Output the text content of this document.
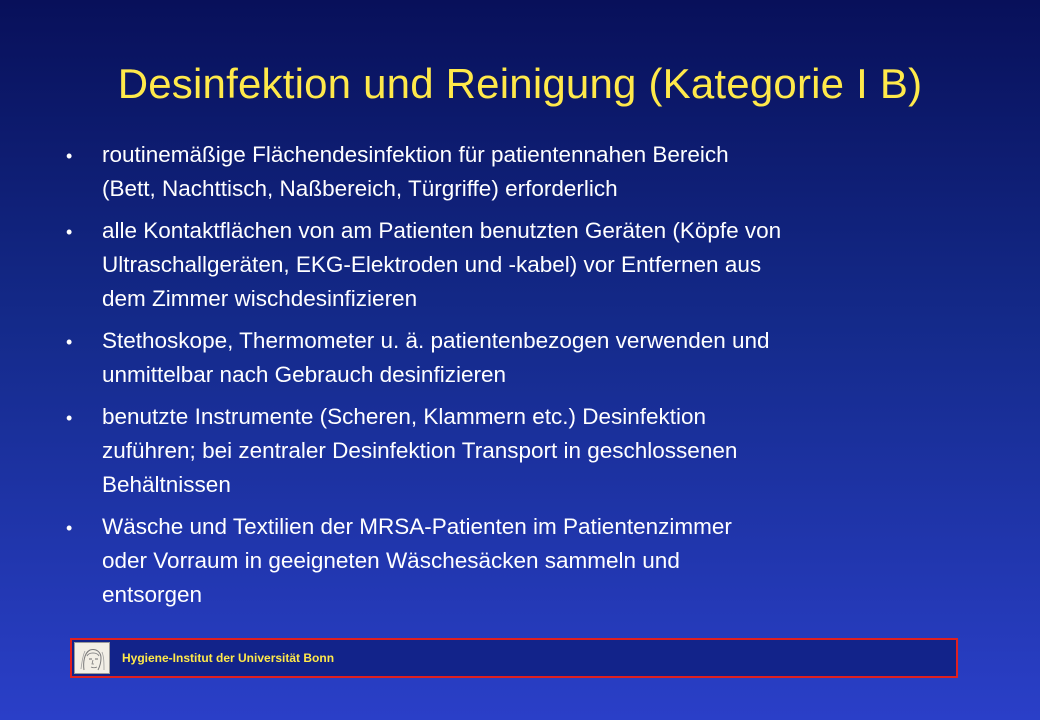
Desinfektion und Reinigung (Kategorie I B)
• routinemäßige Flächendesinfektion für patientennahen Bereich
(Bett, Nachttisch, Naßbereich, Türgriffe) erforderlich
• alle Kontaktflächen von am Patienten benutzten Geräten (Köpfe von
Ultraschallgeräten, EKG-Elektroden und -kabel) vor Entfernen aus
dem Zimmer wischdesinfizieren
• Stethoskope, Thermometer u. ä. patientenbezogen verwenden und
unmittelbar nach Gebrauch desinfizieren
• benutzte Instrumente (Scheren, Klammern etc.) Desinfektion
zuführen; bei zentraler Desinfektion Transport in geschlossenen
Behältnissen
• Wäsche und Textilien der MRSA-Patienten im Patientenzimmer
oder Vorraum in geeigneten Wäschesäcken sammeln und
entsorgen
Hygiene-Institut der Universität Bonn
